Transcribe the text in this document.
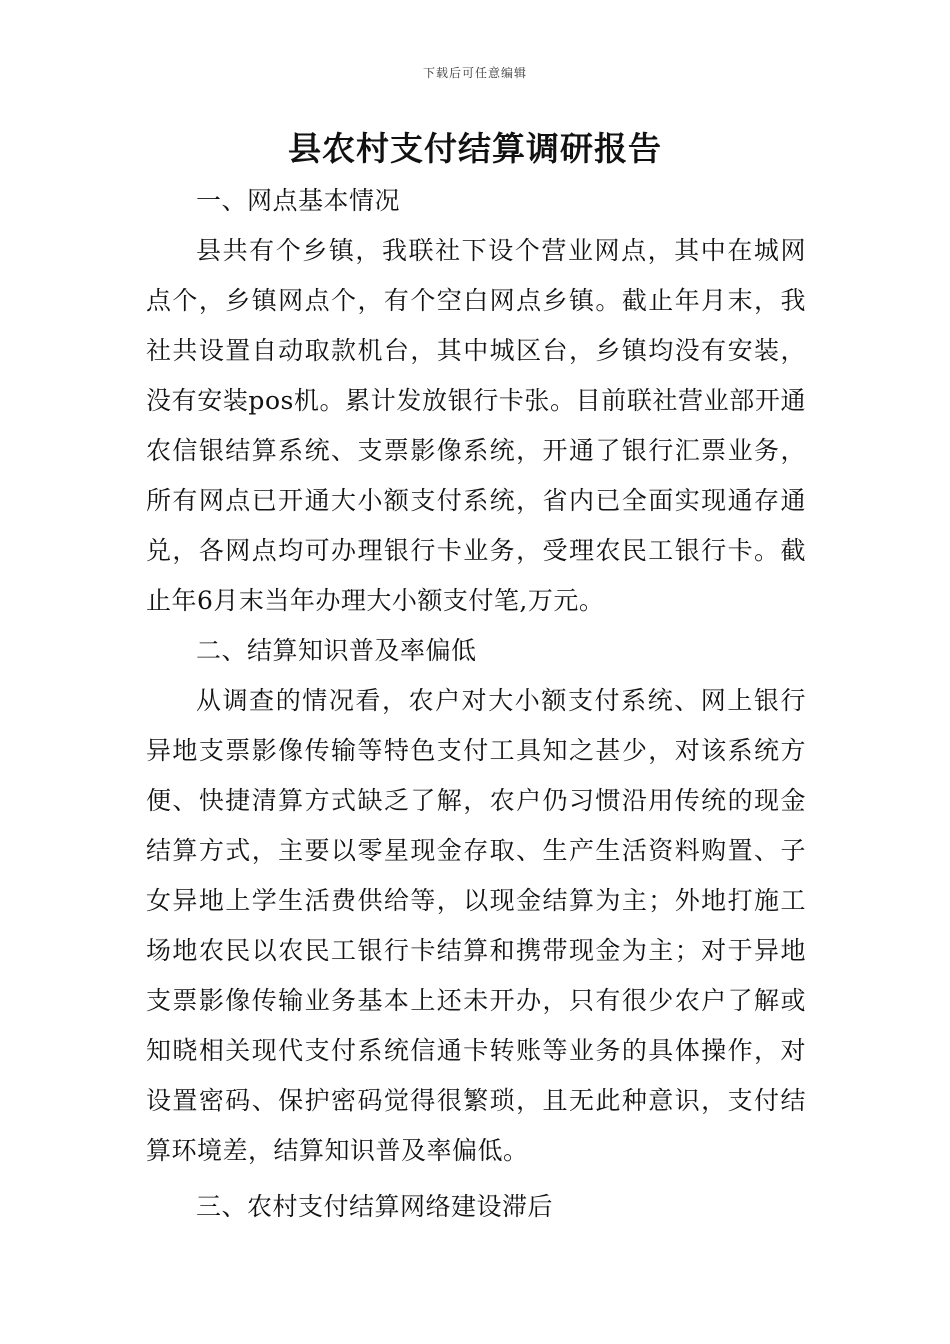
下载后可任意编辑
县农村支付结算调研报告
一、网点基本情况

县共有个乡镇，我联社下设个营业网点，其中在城网点个，乡镇网点个，有个空白网点乡镇。截止年月末，我社共设置自动取款机台，其中城区台，乡镇均没有安装，没有安装pos机。累计发放银行卡张。目前联社营业部开通农信银结算系统、支票影像系统，开通了银行汇票业务，所有网点已开通大小额支付系统，省内已全面实现通存通兑，各网点均可办理银行卡业务，受理农民工银行卡。截止年6月末当年办理大小额支付笔,万元。

二、结算知识普及率偏低

从调查的情况看，农户对大小额支付系统、网上银行异地支票影像传输等特色支付工具知之甚少，对该系统方便、快捷清算方式缺乏了解，农户仍习惯沿用传统的现金结算方式，主要以零星现金存取、生产生活资料购置、子女异地上学生活费供给等，以现金结算为主；外地打施工场地农民以农民工银行卡结算和携带现金为主；对于异地支票影像传输业务基本上还未开办，只有很少农户了解或知晓相关现代支付系统信通卡转账等业务的具体操作，对设置密码、保护密码觉得很繁琐，且无此种意识，支付结算环境差，结算知识普及率偏低。

三、农村支付结算网络建设滞后
